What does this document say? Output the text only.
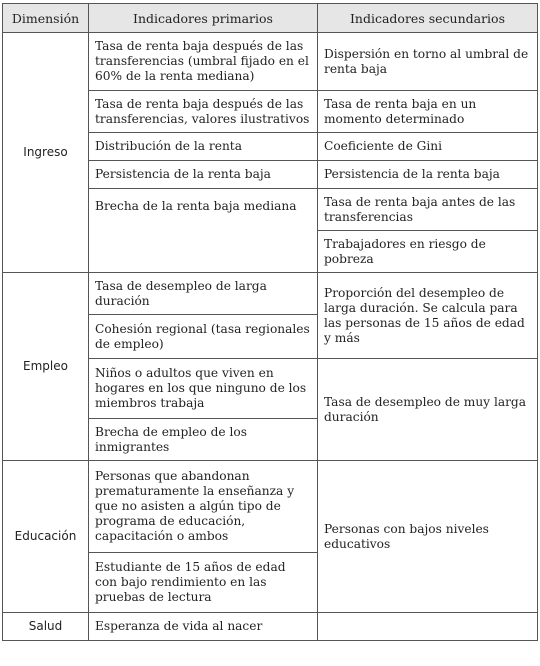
Dimensión	Indicadores primarios	Indicadores secundarios
Ingreso	Tasa de renta baja después de las transferencias (umbral fijado en el 60% de la renta mediana)	Dispersión en torno al umbral de renta baja
	Tasa de renta baja después de las transferencias, valores ilustrativos	Tasa de renta baja en un momento determinado
	Distribución de la renta	Coeficiente de Gini
	Persistencia de la renta baja	Persistencia de la renta baja
	Brecha de la renta baja mediana	Tasa de renta baja antes de las transferencias
		Trabajadores en riesgo de pobreza
Empleo	Tasa de desempleo de larga duración	Proporción del desempleo de larga duración. Se calcula para las personas de 15 años de edad y más
	Cohesión regional (tasa regionales de empleo)	
	Niños o adultos que viven en hogares en los que ninguno de los miembros trabaja	Tasa de desempleo de muy larga duración
	Brecha de empleo de los inmigrantes	
Educación	Personas que abandonan prematuramente la enseñanza y que no asisten a algún tipo de programa de educación, capacitación o ambos	Personas con bajos niveles educativos
	Estudiante de 15 años de edad con bajo rendimiento en las pruebas de lectura	
Salud	Esperanza de vida al nacer	
